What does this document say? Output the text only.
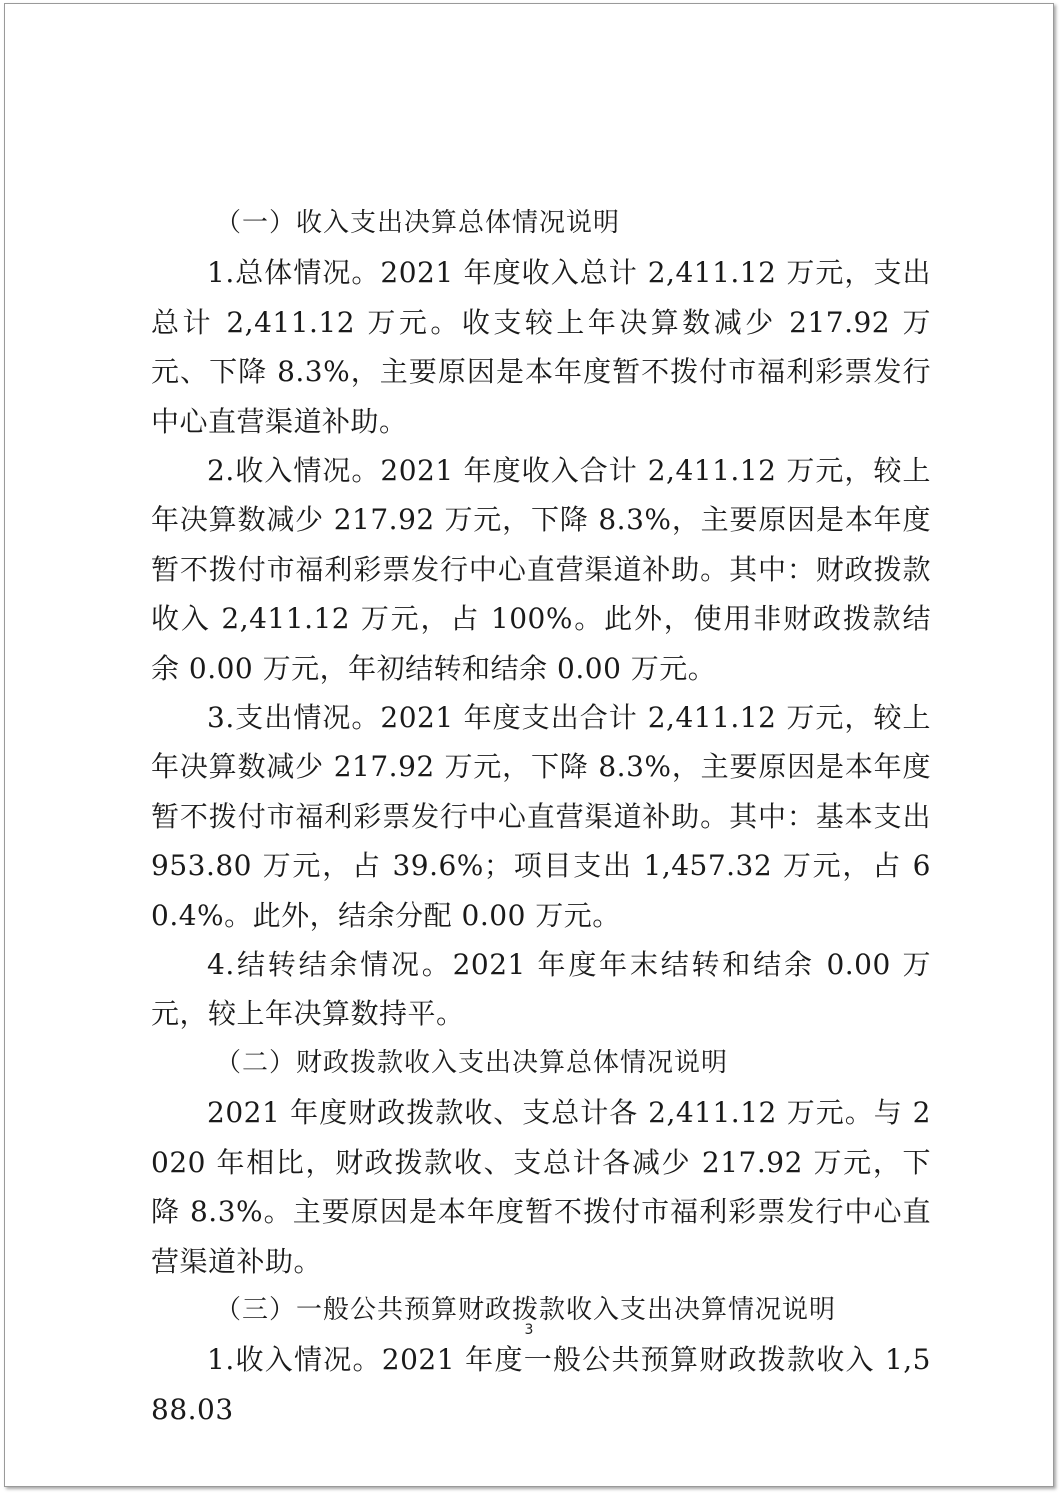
（一）收入支出决算总体情况说明

1.总体情况。2021 年度收入总计 2,411.12 万元，支出总计 2,411.12 万元。收支较上年决算数减少 217.92 万元、下降 8.3%，主要原因是本年度暂不拨付市福利彩票发行中心直营渠道补助。

2.收入情况。2021 年度收入合计 2,411.12 万元，较上年决算数减少 217.92 万元，下降 8.3%，主要原因是本年度暂不拨付市福利彩票发行中心直营渠道补助。其中：财政拨款收入 2,411.12 万元，占 100%。此外，使用非财政拨款结余 0.00 万元，年初结转和结余 0.00 万元。

3.支出情况。2021 年度支出合计 2,411.12 万元，较上年决算数减少 217.92 万元，下降 8.3%，主要原因是本年度暂不拨付市福利彩票发行中心直营渠道补助。其中：基本支出 953.80 万元，占 39.6%；项目支出 1,457.32 万元，占 60.4%。此外，结余分配 0.00 万元。

4.结转结余情况。2021 年度年末结转和结余 0.00 万元，较上年决算数持平。

（二）财政拨款收入支出决算总体情况说明

2021 年度财政拨款收、支总计各 2,411.12 万元。与 2020 年相比，财政拨款收、支总计各减少 217.92 万元，下降 8.3%。主要原因是本年度暂不拨付市福利彩票发行中心直营渠道补助。

（三）一般公共预算财政拨款收入支出决算情况说明

1.收入情况。2021 年度一般公共预算财政拨款收入 1,588.03

3
